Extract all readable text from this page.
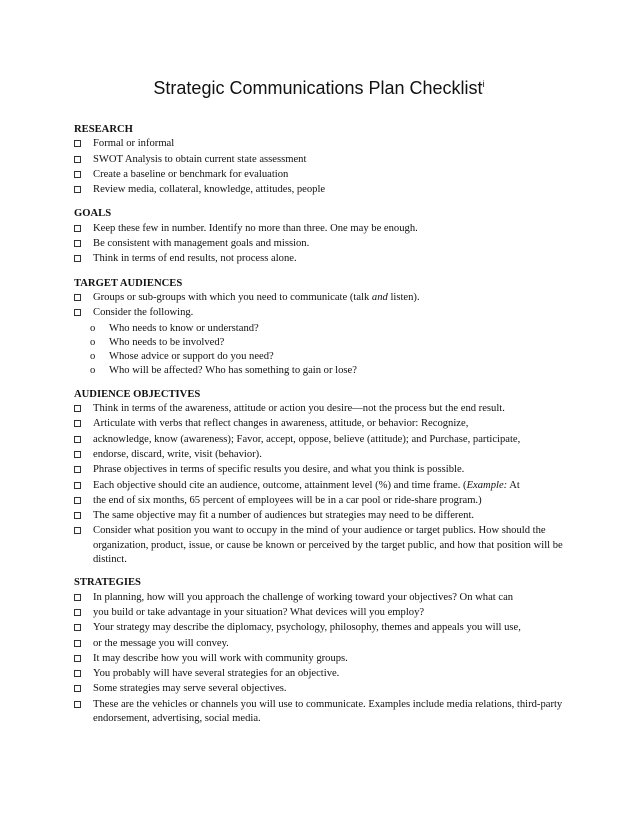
Strategic Communications Plan Checklist$^i$
RESEARCH
Formal or informal
SWOT Analysis to obtain current state assessment
Create a baseline or benchmark for evaluation
Review media, collateral, knowledge, attitudes, people
GOALS
Keep these few in number. Identify no more than three. One may be enough.
Be consistent with management goals and mission.
Think in terms of end results, not process alone.
TARGET AUDIENCES
Groups or sub-groups with which you need to communicate (talk and listen).
Consider the following.
o	Who needs to know or understand?
o	Who needs to be involved?
o	Whose advice or support do you need?
o	Who will be affected? Who has something to gain or lose?
AUDIENCE OBJECTIVES
Think in terms of the awareness, attitude or action you desire—not the process but the end result.
Articulate with verbs that reflect changes in awareness, attitude, or behavior: Recognize,
acknowledge, know (awareness); Favor, accept, oppose, believe (attitude); and Purchase, participate,
endorse, discard, write, visit (behavior).
Phrase objectives in terms of specific results you desire, and what you think is possible.
Each objective should cite an audience, outcome, attainment level (%) and time frame. (Example: At
the end of six months, 65 percent of employees will be in a car pool or ride-share program.)
The same objective may fit a number of audiences but strategies may need to be different.
Consider what position you want to occupy in the mind of your audience or target publics. How should the organization, product, issue, or cause be known or perceived by the target public, and how that position will be distinct.
STRATEGIES
In planning, how will you approach the challenge of working toward your objectives? On what can
you build or take advantage in your situation? What devices will you employ?
Your strategy may describe the diplomacy, psychology, philosophy, themes and appeals you will use,
or the message you will convey.
It may describe how you will work with community groups.
You probably will have several strategies for an objective.
Some strategies may serve several objectives.
These are the vehicles or channels you will use to communicate. Examples include media relations, third-party endorsement, advertising, social media.
